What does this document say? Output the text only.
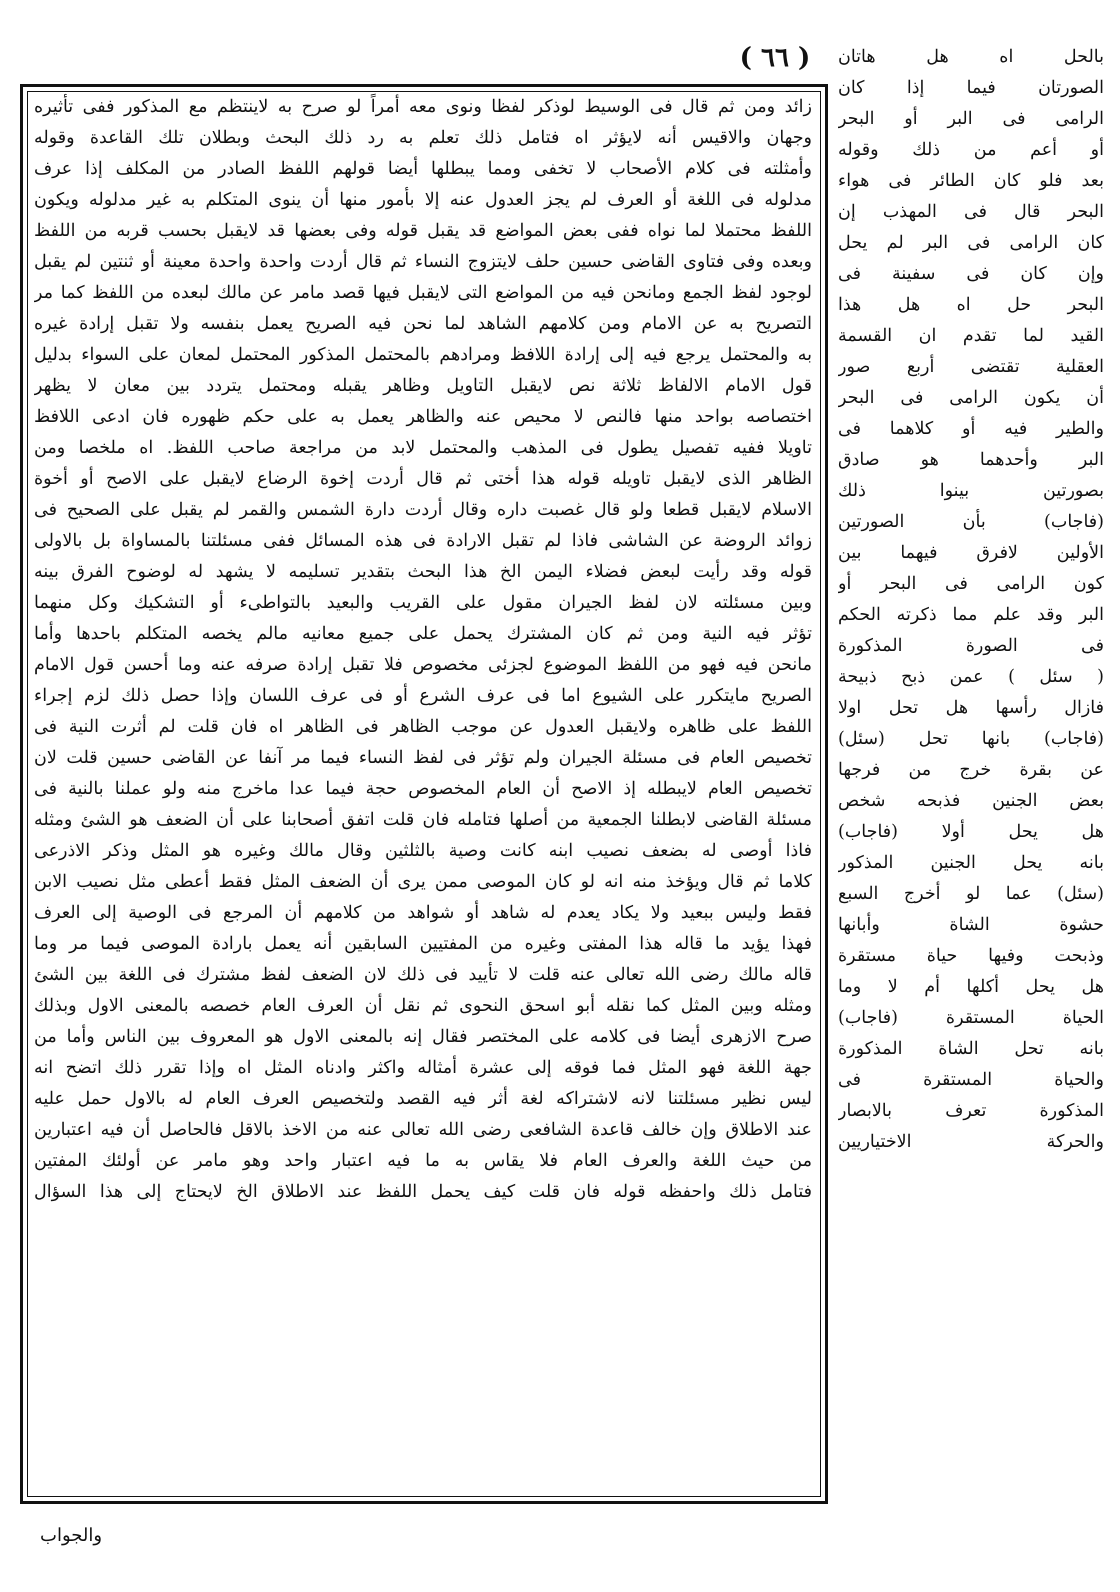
( ٦٦ )
زائد ومن ثم قال فى الوسيط لوذكر لفظا ونوى معه أمراً لو صرح به لاينتظم مع المذكور ففى تأثيره
وجهان والاقيس أنه لايؤثر اه فتامل ذلك تعلم به رد ذلك البحث وبطلان تلك القاعدة وقوله
وأمثلته فى كلام الأصحاب لا تخفى ومما يبطلها أيضا قولهم اللفظ الصادر من المكلف إذا عرف
مدلوله فى اللغة أو العرف لم يجز العدول عنه إلا بأمور منها أن ينوى المتكلم به غير مدلوله ويكون
اللفظ محتملا لما نواه ففى بعض المواضع قد يقبل قوله وفى بعضها قد لايقبل بحسب قربه من اللفظ
وبعده وفى فتاوى القاضى حسين حلف لايتزوج النساء ثم قال أردت واحدة واحدة معينة أو ثنتين لم يقبل
لوجود لفظ الجمع ومانحن فيه من المواضع التى لايقبل فيها قصد مامر عن مالك لبعده من اللفظ كما مر
التصريح به عن الامام ومن كلامهم الشاهد لما نحن فيه الصريح يعمل بنفسه ولا تقبل إرادة غيره
به والمحتمل يرجع فيه إلى إرادة اللافظ ومرادهم بالمحتمل المذكور المحتمل لمعان على السواء بدليل
قول الامام الالفاظ ثلاثة نص لايقبل التاويل وظاهر يقبله ومحتمل يتردد بين معان لا يظهر
اختصاصه بواحد منها فالنص لا محيص عنه والظاهر يعمل به على حكم ظهوره فان ادعى اللافظ
تاويلا ففيه تفصيل يطول فى المذهب والمحتمل لابد من مراجعة صاحب اللفظ. اه ملخصا ومن
الظاهر الذى لايقبل تاويله قوله هذا أختى ثم قال أردت إخوة الرضاع لايقبل على الاصح أو أخوة
الاسلام لايقبل قطعا ولو قال غصبت داره وقال أردت دارة الشمس والقمر لم يقبل على الصحيح فى
زوائد الروضة عن الشاشى فاذا لم تقبل الارادة فى هذه المسائل ففى مسئلتنا بالمساواة بل بالاولى
قوله وقد رأيت لبعض فضلاء اليمن الخ هذا البحث بتقدير تسليمه لا يشهد له لوضوح الفرق بينه
وبين مسئلته لان لفظ الجيران مقول على القريب والبعيد بالتواطىء أو التشكيك وكل منهما
تؤثر فيه النية ومن ثم كان المشترك يحمل على جميع معانيه مالم يخصه المتكلم باحدها وأما
مانحن فيه فهو من اللفظ الموضوع لجزئى مخصوص فلا تقبل إرادة صرفه عنه وما أحسن قول الامام
الصريح مايتكرر على الشيوع اما فى عرف الشرع أو فى عرف اللسان وإذا حصل ذلك لزم إجراء
اللفظ على ظاهره ولايقبل العدول عن موجب الظاهر فى الظاهر اه فان قلت لم أثرت النية فى
تخصيص العام فى مسئلة الجيران ولم تؤثر فى لفظ النساء فيما مر آنفا عن القاضى حسين قلت لان
تخصيص العام لايبطله إذ الاصح أن العام المخصوص حجة فيما عدا ماخرج منه ولو عملنا بالنية فى
مسئلة القاضى لابطلنا الجمعية من أصلها فتامله فان قلت اتفق أصحابنا على أن الضعف هو الشئ ومثله
فاذا أوصى له بضعف نصيب ابنه كانت وصية بالثلثين وقال مالك وغيره هو المثل وذكر الاذرعى
كلاما ثم قال ويؤخذ منه انه لو كان الموصى ممن يرى أن الضعف المثل فقط أعطى مثل نصيب الابن
فقط وليس ببعيد ولا يكاد يعدم له شاهد أو شواهد من كلامهم أن المرجع فى الوصية إلى العرف
فهذا يؤيد ما قاله هذا المفتى وغيره من المفتيين السابقين أنه يعمل بارادة الموصى فيما مر وما
قاله مالك رضى الله تعالى عنه قلت لا تأييد فى ذلك لان الضعف لفظ مشترك فى اللغة بين الشئ
ومثله وبين المثل كما نقله أبو اسحق النحوى ثم نقل أن العرف العام خصصه بالمعنى الاول وبذلك
صرح الازهرى أيضا فى كلامه على المختصر فقال إنه بالمعنى الاول هو المعروف بين الناس وأما من
جهة اللغة فهو المثل فما فوقه إلى عشرة أمثاله واكثر وادناه المثل اه وإذا تقرر ذلك اتضح انه
ليس نظير مسئلتنا لانه لاشتراكه لغة أثر فيه القصد ولتخصيص العرف العام له بالاول حمل عليه
عند الاطلاق وإن خالف قاعدة الشافعى رضى الله تعالى عنه من الاخذ بالاقل فالحاصل أن فيه اعتبارين
من حيث اللغة والعرف العام فلا يقاس به ما فيه اعتبار واحد وهو مامر عن أولئك المفتين
فتامل ذلك واحفظه قوله فان قلت كيف يحمل اللفظ عند الاطلاق الخ لايحتاج إلى هذا السؤال
بالحل اه هل هاتان
الصورتان فيما إذا كان
الرامى فى البر أو البحر
أو أعم من ذلك وقوله
بعد فلو كان الطائر فى هواء
البحر قال فى المهذب إن
كان الرامى فى البر لم يحل
وإن كان فى سفينة فى
البحر حل اه هل هذا
القيد لما تقدم ان القسمة
العقلية تقتضى أربع صور
أن يكون الرامى فى البحر
والطير فيه أو كلاهما فى
البر وأحدهما هو صادق
بصورتين بينوا ذلك
(فاجاب) بأن الصورتين
الأولين لافرق فيهما بين
كون الرامى فى البحر أو
البر وقد علم مما ذكرته الحكم
فى الصورة المذكورة
( سئل ) عمن ذبح ذبيحة
فازال رأسها هل تحل اولا
(فاجاب) بانها تحل (سئل)
عن بقرة خرج من فرجها
بعض الجنين فذبحه شخص
هل يحل أولا (فاجاب)
بانه يحل الجنين المذكور
(سئل) عما لو أخرج السبع
حشوة الشاة وأبانها
وذبحت وفيها حياة مستقرة
هل يحل أكلها أم لا وما
الحياة المستقرة (فاجاب)
بانه تحل الشاة المذكورة
والحياة المستقرة فى
المذكورة تعرف بالابصار
والحركة الاختياريين
والجواب
